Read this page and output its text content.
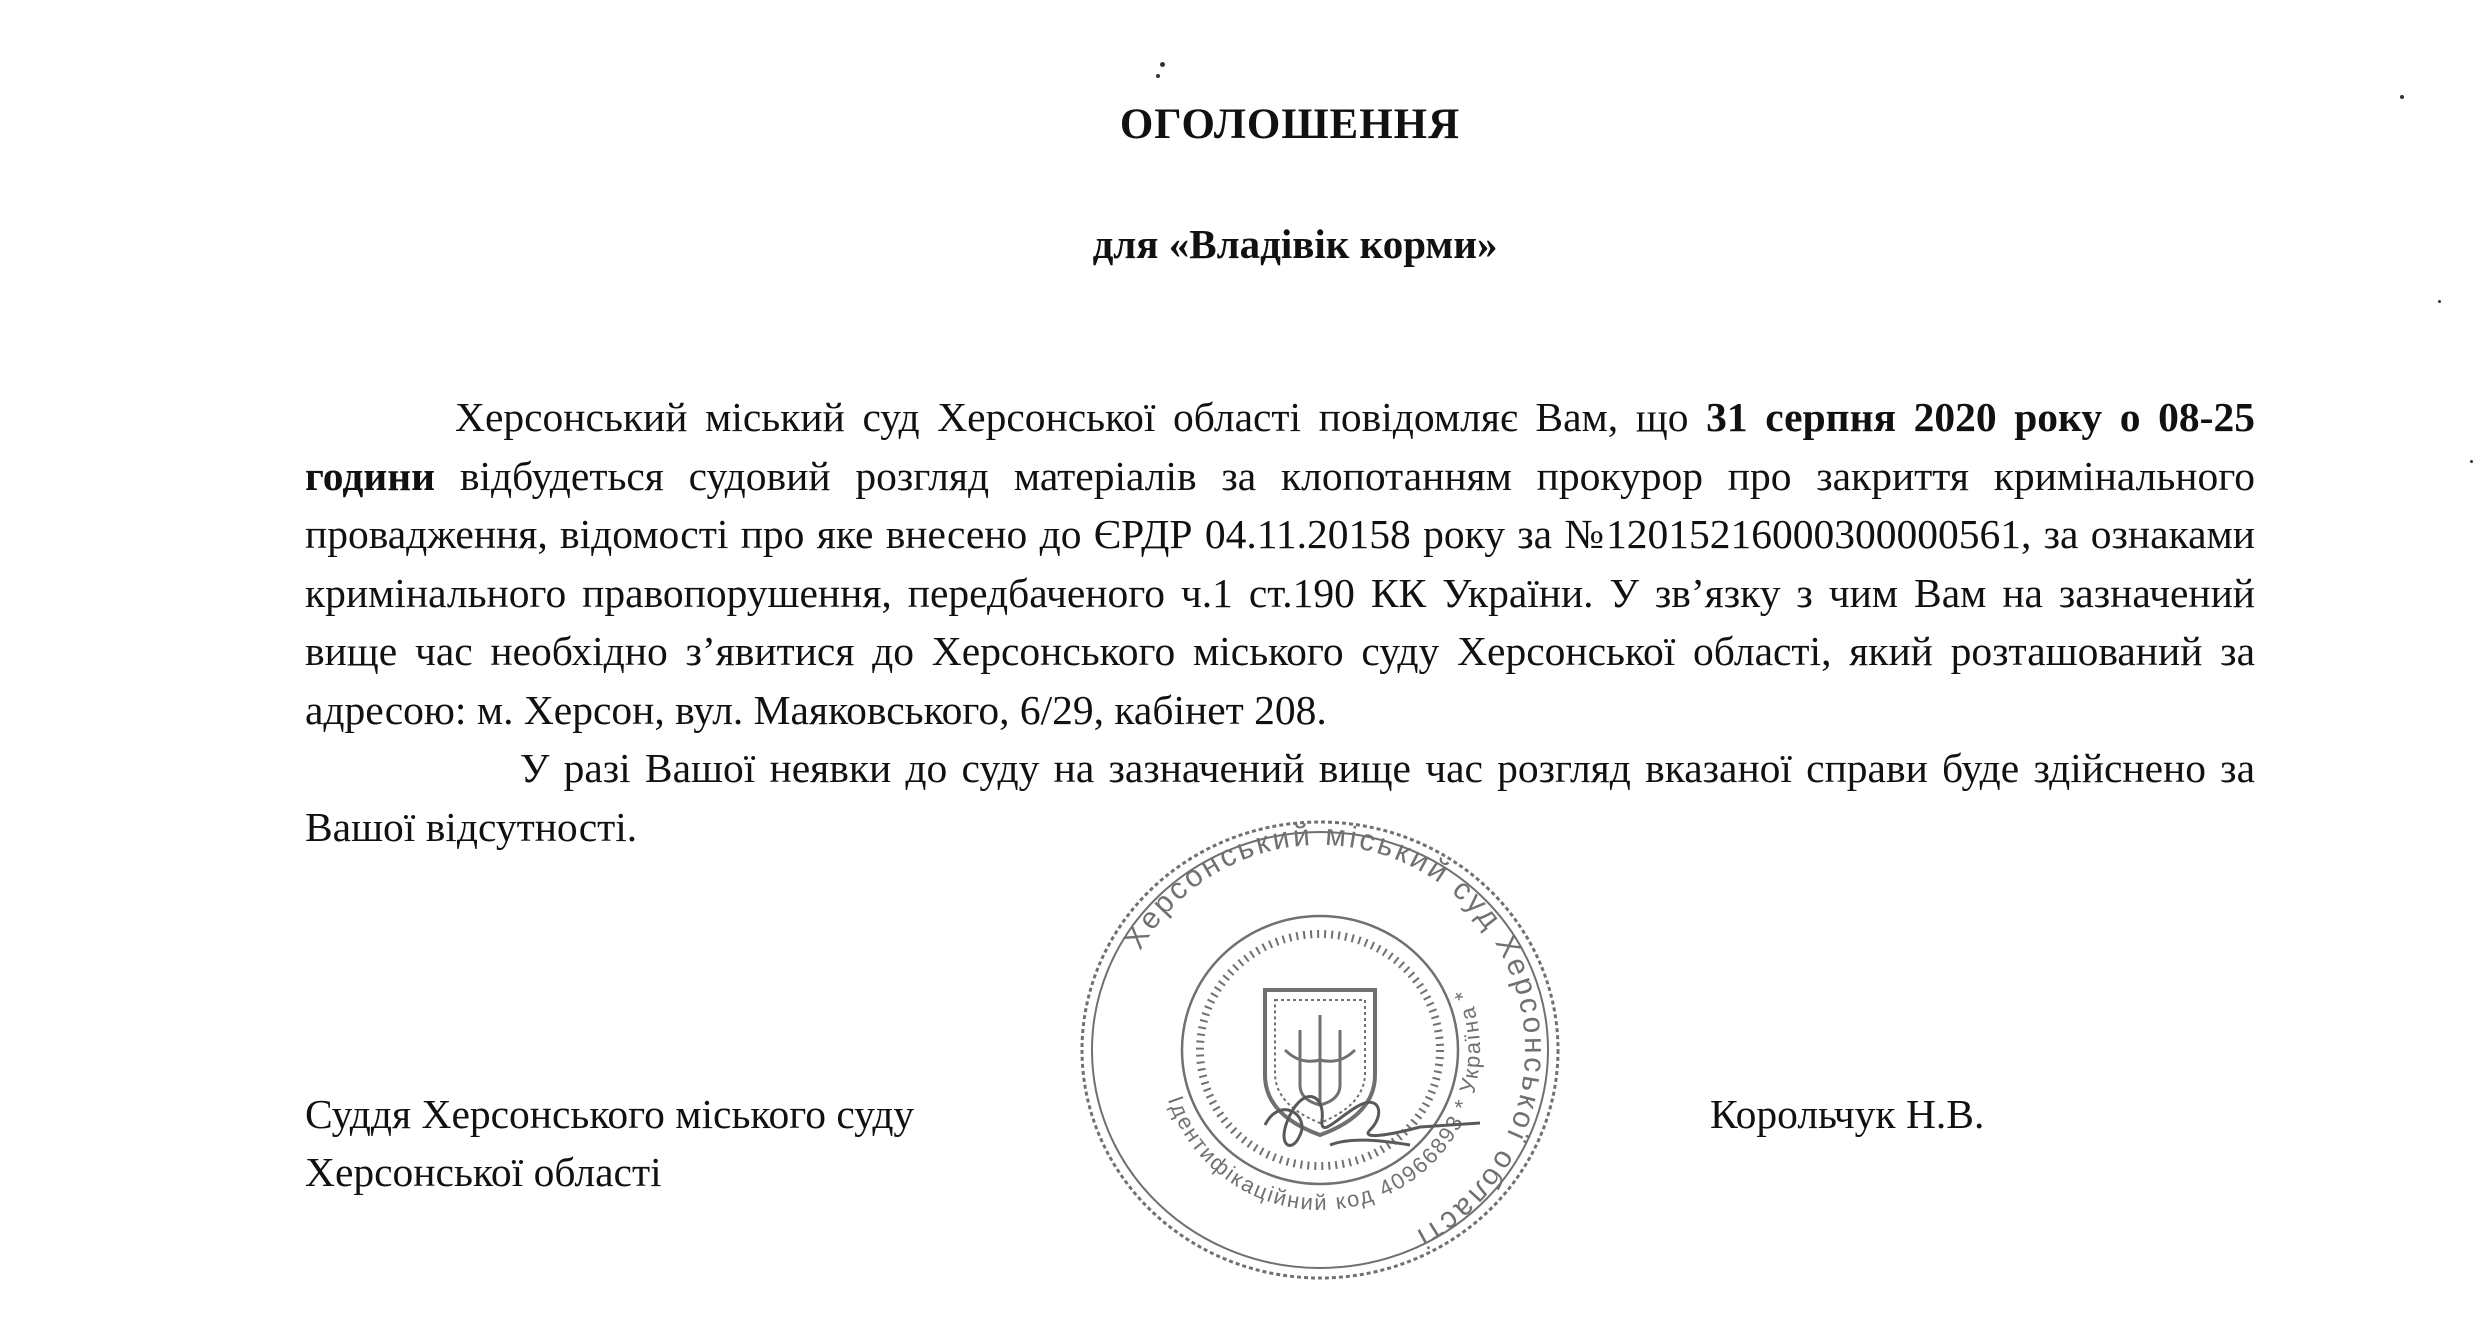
ОГОЛОШЕННЯ
для «Владівік корми»

Херсонський міський суд Херсонської області повідомляє Вам, що 31 серпня 2020 року о 08-25 години відбудеться судовий розгляд матеріалів за клопотанням прокурор про закриття кримінального провадження, відомості про яке внесено до ЄРДР 04.11.20158 року за №12015216000300000561, за ознаками кримінального правопорушення, передбаченого ч.1 ст.190 КК України. У зв’язку з чим Вам на зазначений вище час необхідно з’явитися до Херсонського міського суду Херсонської області, який розташований за адресою: м. Херсон, вул. Маяковського, 6/29, кабінет 208.

У разі Вашої неявки до суду на зазначений вище час розгляд вказаної справи буде здійснено за Вашої відсутності.

Херсонський міський суд Херсонської області
Ідентифікаційний код 40966893 * Україна *
Суддя Херсонського міського суду
Херсонської області
Корольчук Н.В.
